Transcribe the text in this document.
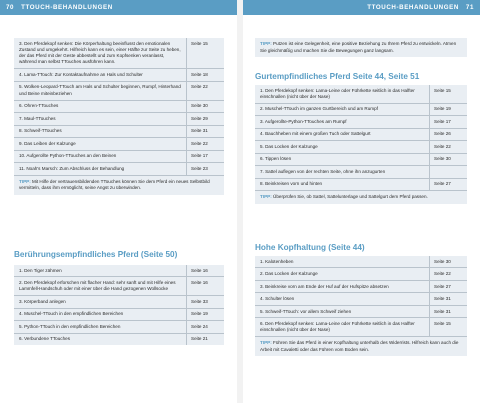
70 TTOUCH-BEHANDLUNGEN	TTOUCH-BEHANDLUNGEN 71
3. Den Pferdekopf senken: Die Körperhaltung beeinflusst den emotionalen Zustand und umgekehrt. Hilfreich kann es sein, einer Hälfte zur Seite zu heben, der das Pferd mit der Geste abbestellt und zum Kopfsenken veranlasst, während man selbst TTouches ausführen kann.
Seite 15
4. Lama-TTouch: Zur Kontaktaufnahme an Hals und Schulter	Seite 18
5. Wolken-Leopard-TTouch am Hals und Schulter beginnen, Rumpf, Hinterhand und Beine miteinbeziehen
Seite 22
6. Ohren-TTouches	Seite 30
7. Maul-TTouches	Seite 29
8. Schweif-TTouches	Seite 31
9. Das Leiben der Kalzunge	Seite 22
10. Aufgerollte Python-TTouches an den Beinen	Seite 17
11. Noah's Marsch: Zum Abschluss der Behandlung	Seite 23
TIPP: Mit Hilfe der vertrauensbildenden TTouches können Sie dem Pferd ein neues Selbstbild vermitteln, dass ihm ermöglicht, seine Angst zu überwinden.
Berührungsempfindliches Pferd (Seite 50)
1. Den Tiger zähmen	Seite 16
2. Den Pferdekopf erforschen mit flacher Hand: sehr sanft und mit Hilfe eines Lammfell-Handschuh oder mit einer über die Hand gezogenen Wollsocke
Seite 16
3. Körperband anlegen	Seite 33
4. Muschel-TTouch in den empfindlichen Bereichen	Seite 19
5. Python-TTouch in den empfindlichen Bereichen	Seite 24
6. Verbundene TTouches	Seite 21
TIPP: Putzen ist eine Gelegenheit, eine positive Beziehung zu Ihrem Pferd zu entwickeln. Atmen Sie gleichmäßig und machen Sie die Bewegungen ganz langsam.
Gurtempfindliches Pferd Seite 44, Seite 51
1. Den Pferdekopf senken: Lama-Leine oder Führkette seitlich in das Halfter einschnallen (nicht über der Nase)
Seite 15
2. Muschel-TTouch im ganzen Gurtbereich und am Rumpf	Seite 19
3. Aufgerollte-Python-TTouches am Rumpf	Seite 17
4. Bauchheben mit einem großen Tuch oder Sattelgurt	Seite 26
5. Das Locken der Kalzunge	Seite 22
6. Tippen lösen	Seite 30
7. Sattel auflegen von der rechten Seite, ohne ihn anzugurten
8. Beinkreisen vorn und hinten	Seite 27
TIPP: Überprüfen Sie, ob Sattel, Sattelunterlage und Sattelgurt dem Pferd passen.
Hohe Kopfhaltung (Seite 44)
1. Kalotenheben	Seite 30
2. Das Locken der Kalzunge	Seite 22
3. Beinkreise vorn am Ende der Huf auf der Hufspitze absetzen	Seite 27
4. Schulter lösen	Seite 31
5. Schweif-TTouch: vor allem Schweif ziehen	Seite 31
6. Den Pferdekopf senken: Lama-Leine oder Führkette seitlich in das Halfter einschnallen (nicht über der Nase)
Seite 15
TIPP: Führen Sie das Pferd in einer Kopfhaltung unterhalb des Widerrists. Hilfreich kann auch die Arbeit mit Cavaletti oder das Führen vom Boden sein.
